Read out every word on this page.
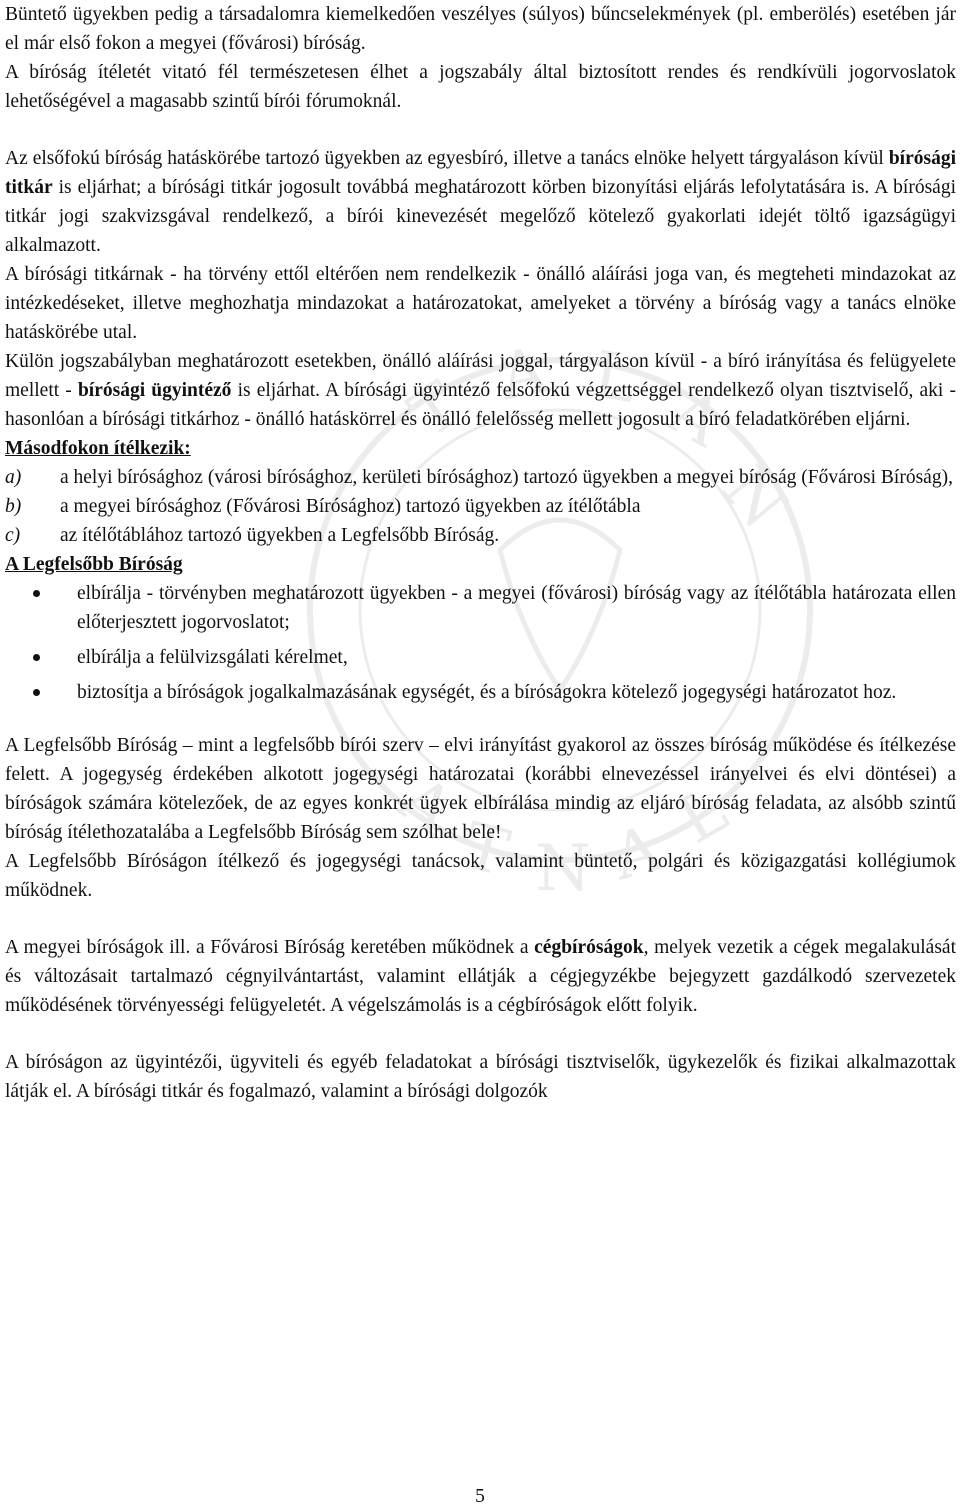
T A L A
N
A
T N A
L

Büntető ügyekben pedig a társadalomra kiemelkedően veszélyes (súlyos) bűncselekmények (pl. emberölés) esetében jár el már első fokon a megyei (fővárosi) bíróság.

A bíróság ítéletét vitató fél természetesen élhet a jogszabály által biztosított rendes és rendkívüli jogorvoslatok lehetőségével a magasabb szintű bírói fórumoknál.

Az elsőfokú bíróság hatáskörébe tartozó ügyekben az egyesbíró, illetve a tanács elnöke helyett tárgyaláson kívül bírósági titkár is eljárhat; a bírósági titkár jogosult továbbá meghatározott körben bizonyítási eljárás lefolytatására is. A bírósági titkár jogi szakvizsgával rendelkező, a bírói kinevezését megelőző kötelező gyakorlati idejét töltő igazságügyi alkalmazott.

A bírósági titkárnak - ha törvény ettől eltérően nem rendelkezik - önálló aláírási joga van, és megteheti mindazokat az intézkedéseket, illetve meghozhatja mindazokat a határozatokat, amelyeket a törvény a bíróság vagy a tanács elnöke hatáskörébe utal.

Külön jogszabályban meghatározott esetekben, önálló aláírási joggal, tárgyaláson kívül - a bíró irányítása és felügyelete mellett - bírósági ügyintéző is eljárhat. A bírósági ügyintéző felsőfokú végzettséggel rendelkező olyan tisztviselő, aki - hasonlóan a bírósági titkárhoz - önálló hatáskörrel és önálló felelősség mellett jogosult a bíró feladatkörében eljárni.

Másodfokon ítélkezik:

a)	a helyi bírósághoz (városi bírósághoz, kerületi bírósághoz) tartozó ügyekben a megyei bíróság (Fővárosi Bíróság),
b)	a megyei bírósághoz (Fővárosi Bírósághoz) tartozó ügyekben az ítélőtábla
c)	az ítélőtáblához tartozó ügyekben a Legfelsőbb Bíróság.

A Legfelsőbb Bíróság

elbírálja - törvényben meghatározott ügyekben - a megyei (fővárosi) bíróság vagy az ítélőtábla határozata ellen előterjesztett jogorvoslatot;
elbírálja a felülvizsgálati kérelmet,
biztosítja a bíróságok jogalkalmazásának egységét, és a bíróságokra kötelező jogegységi határozatot hoz.

A Legfelsőbb Bíróság – mint a legfelsőbb bírói szerv – elvi irányítást gyakorol az összes bíróság működése és ítélkezése felett. A jogegység érdekében alkotott jogegységi határozatai (korábbi elnevezéssel irányelvei és elvi döntései) a bíróságok számára kötelezőek, de az egyes konkrét ügyek elbírálása mindig az eljáró bíróság feladata, az alsóbb szintű bíróság ítélethozatalába a Legfelsőbb Bíróság sem szólhat bele!

A Legfelsőbb Bíróságon ítélkező és jogegységi tanácsok, valamint büntető, polgári és közigazgatási kollégiumok működnek.

A megyei bíróságok ill. a Fővárosi Bíróság keretében működnek a cégbíróságok, melyek vezetik a cégek megalakulását és változásait tartalmazó cégnyilvántartást, valamint ellátják a cégjegyzékbe bejegyzett gazdálkodó szervezetek működésének törvényességi felügyeletét. A végelszámolás is a cégbíróságok előtt folyik.

A bíróságon az ügyintézői, ügyviteli és egyéb feladatokat a bírósági tisztviselők, ügykezelők és fizikai alkalmazottak látják el. A bírósági titkár és fogalmazó, valamint a bírósági dolgozók

5
